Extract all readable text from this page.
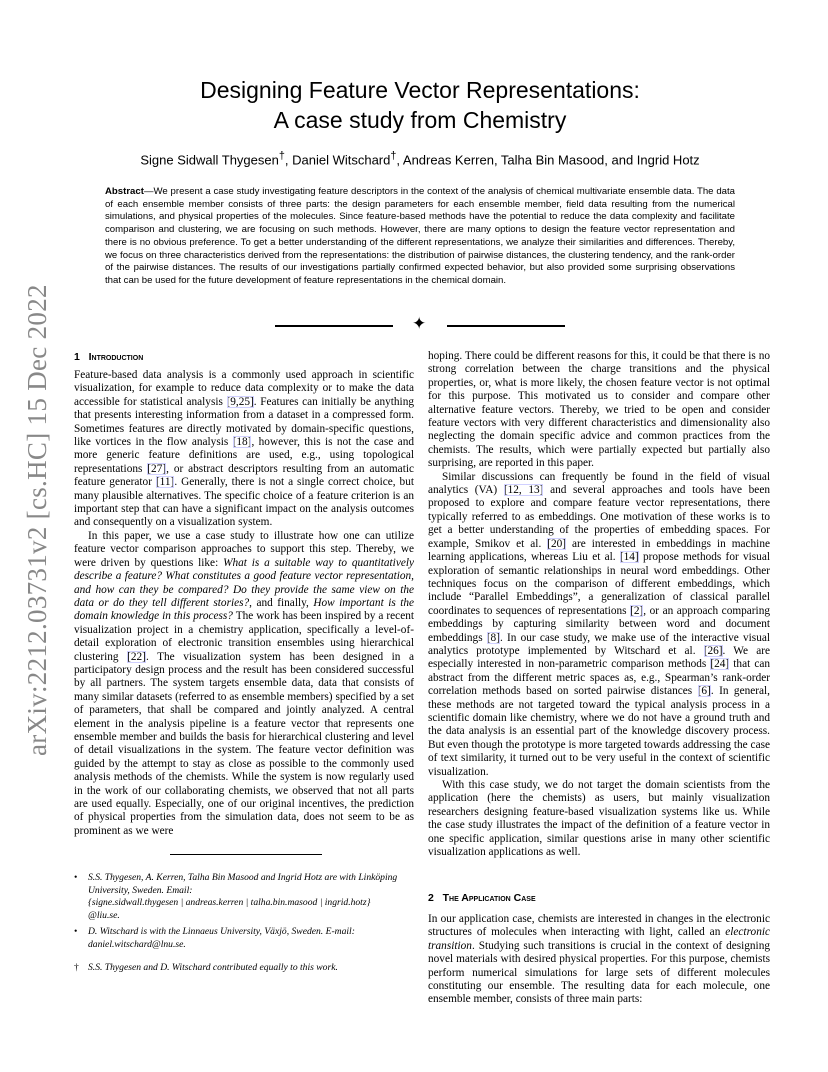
arXiv:2212.03731v2 [cs.HC] 15 Dec 2022
Designing Feature Vector Representations:
A case study from Chemistry
Signe Sidwall Thygesen†, Daniel Witschard†, Andreas Kerren, Talha Bin Masood, and Ingrid Hotz
Abstract—We present a case study investigating feature descriptors in the context of the analysis of chemical multivariate ensemble data. The data of each ensemble member consists of three parts: the design parameters for each ensemble member, field data resulting from the numerical simulations, and physical properties of the molecules. Since feature-based methods have the potential to reduce the data complexity and facilitate comparison and clustering, we are focusing on such methods. However, there are many options to design the feature vector representation and there is no obvious preference. To get a better understanding of the different representations, we analyze their similarities and differences. Thereby, we focus on three characteristics derived from the representations: the distribution of pairwise distances, the clustering tendency, and the rank-order of the pairwise distances. The results of our investigations partially confirmed expected behavior, but also provided some surprising observations that can be used for the future development of feature representations in the chemical domain.
✦
1 Introduction

Feature-based data analysis is a commonly used approach in scientific visualization, for example to reduce data complexity or to make the data accessible for statistical analysis [9,25]. Features can initially be anything that presents interesting information from a dataset in a compressed form. Sometimes features are directly motivated by domain-specific questions, like vortices in the flow analysis [18], however, this is not the case and more generic feature definitions are used, e.g., using topological representations [27], or abstract descriptors resulting from an automatic feature generator [11]. Generally, there is not a single correct choice, but many plausible alternatives. The specific choice of a feature criterion is an important step that can have a significant impact on the analysis outcomes and consequently on a visualization system.

In this paper, we use a case study to illustrate how one can utilize feature vector comparison approaches to support this step. Thereby, we were driven by questions like: What is a suitable way to quantitatively describe a feature? What constitutes a good feature vector representation, and how can they be compared? Do they provide the same view on the data or do they tell different stories?, and finally, How important is the domain knowledge in this process? The work has been inspired by a recent visualization project in a chemistry application, specifically a level-of-detail exploration of electronic transition ensembles using hierarchical clustering [22]. The visualization system has been designed in a participatory design process and the result has been considered successful by all partners. The system targets ensemble data, data that consists of many similar datasets (referred to as ensemble members) specified by a set of parameters, that shall be compared and jointly analyzed. A central element in the analysis pipeline is a feature vector that represents one ensemble member and builds the basis for hierarchical clustering and level of detail visualizations in the system. The feature vector definition was guided by the attempt to stay as close as possible to the commonly used analysis methods of the chemists. While the system is now regularly used in the work of our collaborating chemists, we observed that not all parts are used equally. Especially, one of our original incentives, the prediction of physical properties from the simulation data, does not seem to be as prominent as we were

• S.S. Thygesen, A. Kerren, Talha Bin Masood and Ingrid Hotz are with Linköping University, Sweden. Email:
{signe.sidwall.thygesen | andreas.kerren | talha.bin.masood | ingrid.hotz}
@liu.se.
• D. Witschard is with the Linnaeus University, Växjö, Sweden. E-mail: daniel.witschard@lnu.se.
† S.S. Thygesen and D. Witschard contributed equally to this work.

hoping. There could be different reasons for this, it could be that there is no strong correlation between the charge transitions and the physical properties, or, what is more likely, the chosen feature vector is not optimal for this purpose. This motivated us to consider and compare other alternative feature vectors. Thereby, we tried to be open and consider feature vectors with very different characteristics and dimensionality also neglecting the domain specific advice and common practices from the chemists. The results, which were partially expected but partially also surprising, are reported in this paper.

Similar discussions can frequently be found in the field of visual analytics (VA) [12, 13] and several approaches and tools have been proposed to explore and compare feature vector representations, there typically referred to as embeddings. One motivation of these works is to get a better understanding of the properties of embedding spaces. For example, Smikov et al. [20] are interested in embeddings in machine learning applications, whereas Liu et al. [14] propose methods for visual exploration of semantic relationships in neural word embeddings. Other techniques focus on the comparison of different embeddings, which include “Parallel Embeddings”, a generalization of classical parallel coordinates to sequences of representations [2], or an approach comparing embeddings by capturing similarity between word and document embeddings [8]. In our case study, we make use of the interactive visual analytics prototype implemented by Witschard et al. [26]. We are especially interested in non-parametric comparison methods [24] that can abstract from the different metric spaces as, e.g., Spearman’s rank-order correlation methods based on sorted pairwise distances [6]. In general, these methods are not targeted toward the typical analysis process in a scientific domain like chemistry, where we do not have a ground truth and the data analysis is an essential part of the knowledge discovery process. But even though the prototype is more targeted towards addressing the case of text similarity, it turned out to be very useful in the context of scientific visualization.

With this case study, we do not target the domain scientists from the application (here the chemists) as users, but mainly visualization researchers designing feature-based visualization systems like us. While the case study illustrates the impact of the definition of a feature vector in one specific application, similar questions arise in many other scientific visualization applications as well.

2 The Application Case

In our application case, chemists are interested in changes in the electronic structures of molecules when interacting with light, called an electronic transition. Studying such transitions is crucial in the context of designing novel materials with desired physical properties. For this purpose, chemists perform numerical simulations for large sets of different molecules constituting our ensemble. The resulting data for each molecule, one ensemble member, consists of three main parts:
